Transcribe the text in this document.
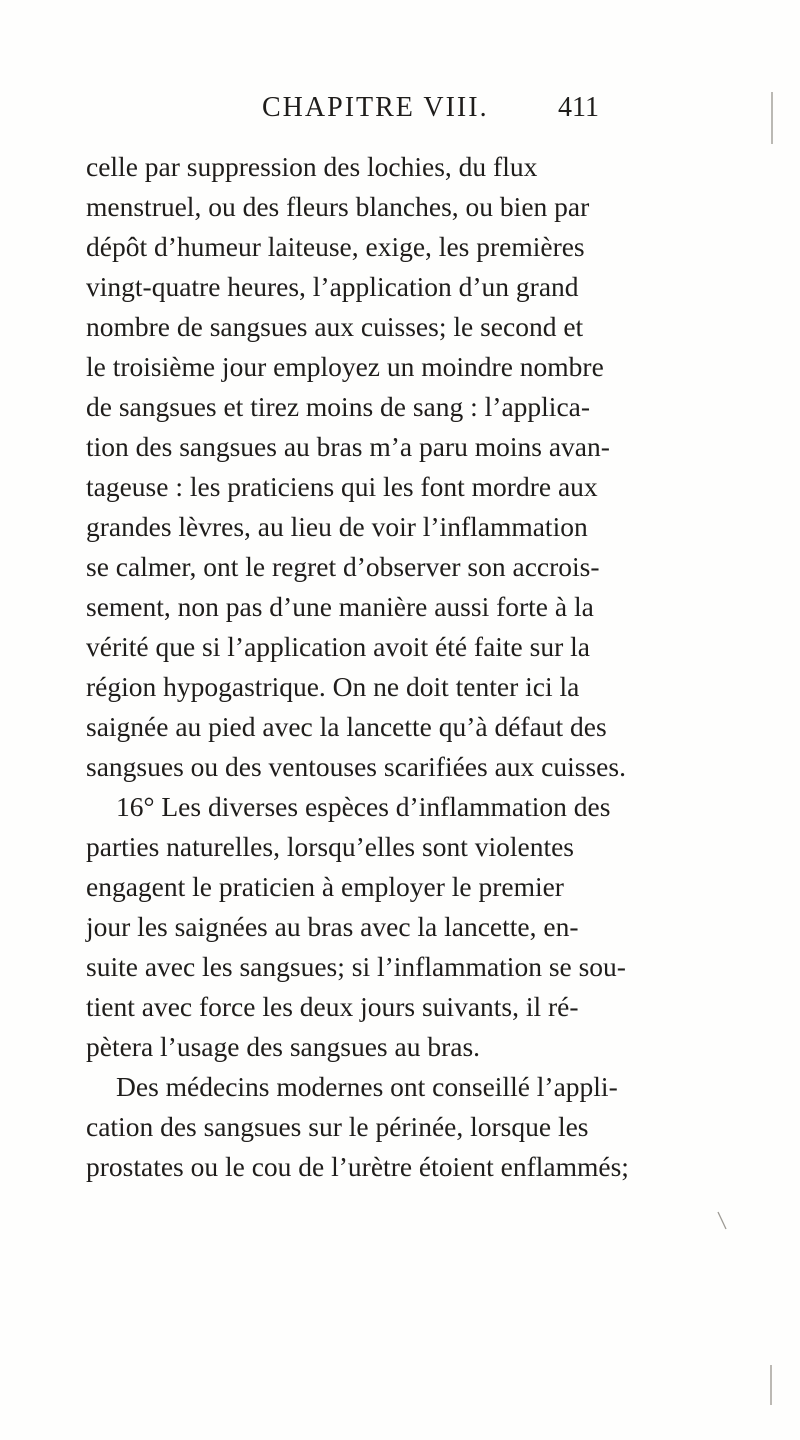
CHAPITRE VIII. 411
celle par suppression des lochies, du flux
menstruel, ou des fleurs blanches, ou bien par
dépôt d’humeur laiteuse, exige, les premières
vingt-quatre heures, l’application d’un grand
nombre de sangsues aux cuisses; le second et
le troisième jour employez un moindre nombre
de sangsues et tirez moins de sang : l’applica-
tion des sangsues au bras m’a paru moins avan-
tageuse : les praticiens qui les font mordre aux
grandes lèvres, au lieu de voir l’inflammation
se calmer, ont le regret d’observer son accrois-
sement, non pas d’une manière aussi forte à la
vérité que si l’application avoit été faite sur la
région hypogastrique. On ne doit tenter ici la
saignée au pied avec la lancette qu’à défaut des
sangsues ou des ventouses scarifiées aux cuisses.
16° Les diverses espèces d’inflammation des
parties naturelles, lorsqu’elles sont violentes
engagent le praticien à employer le premier
jour les saignées au bras avec la lancette, en-
suite avec les sangsues; si l’inflammation se sou-
tient avec force les deux jours suivants, il ré-
pètera l’usage des sangsues au bras.
Des médecins modernes ont conseillé l’appli-
cation des sangsues sur le périnée, lorsque les
prostates ou le cou de l’urètre étoient enflammés;
